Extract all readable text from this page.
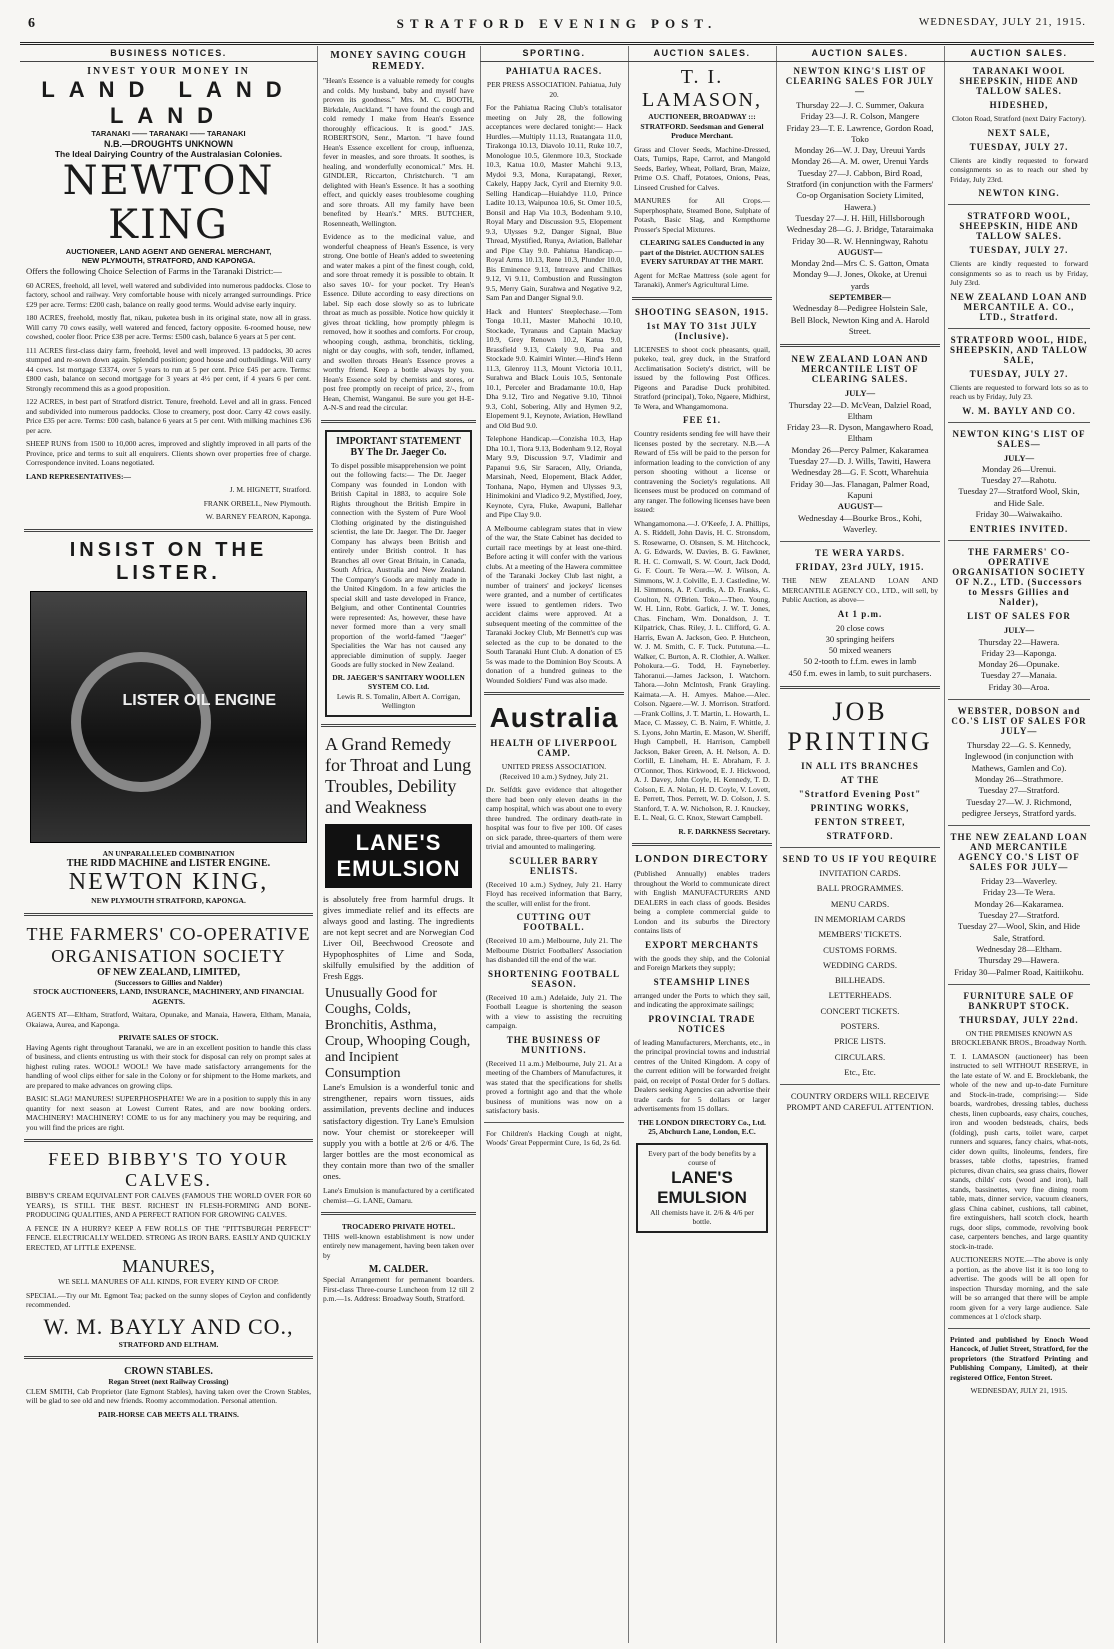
6	STRATFORD EVENING POST.	WEDNESDAY, JULY 21, 1915.
BUSINESS NOTICES.
INVEST YOUR MONEY IN
LAND LAND LAND
TARANAKI —— TARANAKI —— TARANAKI
N.B.—DROUGHTS UNKNOWN
The Ideal Dairying Country of the Australasian Colonies.
NEWTON KING
AUCTIONEER, LAND AGENT AND GENERAL MERCHANT,
NEW PLYMOUTH, STRATFORD, AND KAPONGA.

Offers the following Choice Selection of Farms in the Taranaki District:—

60 ACRES, freehold, all level, well watered and subdivided into numerous paddocks. Close to factory, school and railway. Very comfortable house with nicely arranged surroundings. Price £29 per acre. Terms: £200 cash, balance on really good terms. Would advise early inquiry.

180 ACRES, freehold, mostly flat, nikau, puketea bush in its original state, now all in grass. Will carry 70 cows easily, well watered and fenced, factory opposite. 6-roomed house, new cowshed, cooler floor. Price £38 per acre. Terms: £500 cash, balance 6 years at 5 per cent.

111 ACRES first-class dairy farm, freehold, level and well improved. 13 paddocks, 30 acres stumped and re-sown down again. Splendid position; good house and outbuildings. Will carry 44 cows. 1st mortgage £3374, over 5 years to run at 5 per cent. Price £45 per acre. Terms: £800 cash, balance on second mortgage for 3 years at 4½ per cent, if 4 years 6 per cent. Strongly recommend this as a good proposition.

122 ACRES, in best part of Stratford district. Tenure, freehold. Level and all in grass. Fenced and subdivided into numerous paddocks. Close to creamery, post door. Carry 42 cows easily. Price £35 per acre. Terms: £00 cash, balance 6 years at 5 per cent. With milking machines £36 per acre.

SHEEP RUNS from 1500 to 10,000 acres, improved and slightly improved in all parts of the Province, price and terms to suit all enquirers. Clients shown over properties free of charge. Correspondence invited. Loans negotiated.

LAND REPRESENTATIVES:—
J. M. HIGNETT, Stratford.
FRANK ORBELL, New Plymouth.
W. BARNEY FEARON, Kaponga.
INSIST ON THE LISTER.
LISTER OIL ENGINE
AN UNPARALLELED COMBINATION
THE RIDD MACHINE and LISTER ENGINE.
NEWTON KING,
NEW PLYMOUTH STRATFORD, KAPONGA.
THE FARMERS' CO-OPERATIVE ORGANISATION SOCIETY
OF NEW ZEALAND, LIMITED,
(Successors to Gillies and Nalder)

STOCK AUCTIONEERS, LAND, INSURANCE, MACHINERY, AND FINANCIAL AGENTS.

AGENTS AT—Eltham, Stratford, Waitara, Opunake, and Manaia, Hawera, Eltham, Manaia, Okaiawa, Aurea, and Kaponga.

PRIVATE SALES OF STOCK.

Having Agents right throughout Taranaki, we are in an excellent position to handle this class of business, and clients entrusting us with their stock for disposal can rely on prompt sales at highest ruling rates. WOOL! WOOL! We have made satisfactory arrangements for the handling of wool clips either for sale in the Colony or for shipment to the Home markets, and are prepared to make advances on growing clips.

BASIC SLAG! MANURES! SUPERPHOSPHATE! We are in a position to supply this in any quantity for next season at Lowest Current Rates, and are now booking orders. MACHINERY! MACHINERY! COME to us for any machinery you may be requiring, and you will find the prices are right.

FEED BIBBY'S TO YOUR CALVES.

BIBBY'S CREAM EQUIVALENT FOR CALVES (FAMOUS THE WORLD OVER FOR 60 YEARS), IS STILL THE BEST. RICHEST IN FLESH-FORMING AND BONE-PRODUCING QUALITIES, AND A PERFECT RATION FOR GROWING CALVES.

A FENCE IN A HURRY? KEEP A FEW ROLLS OF THE "PITTSBURGH PERFECT" FENCE. ELECTRICALLY WELDED. STRONG AS IRON BARS. EASILY AND QUICKLY ERECTED, AT LITTLE EXPENSE.

MANURES,

WE SELL MANURES OF ALL KINDS, FOR EVERY KIND OF CROP.

SPECIAL.—Try our Mt. Egmont Tea; packed on the sunny slopes of Ceylon and confidently recommended.

W. M. BAYLY AND CO.,
STRATFORD AND ELTHAM.
CROWN STABLES.
Regan Street (next Railway Crossing)

CLEM SMITH, Cab Proprietor (late Egmont Stables), having taken over the Crown Stables, will be glad to see old and new friends. Roomy accommodation. Personal attention.

PAIR-HORSE CAB MEETS ALL TRAINS.
MONEY SAVING COUGH REMEDY.

"Hean's Essence is a valuable remedy for coughs and colds. My husband, baby and myself have proven its goodness." Mrs. M. C. BOOTH, Birkdale, Auckland. "I have found the cough and cold remedy I make from Hean's Essence thoroughly efficacious. It is good." JAS. ROBERTSON, Senr., Marton. "I have found Hean's Essence excellent for croup, influenza, fever in measles, and sore throats. It soothes, is healing, and wonderfully economical." Mrs. H. GINDLER, Riccarton, Christchurch. "I am delighted with Hean's Essence. It has a soothing effect, and quickly eases troublesome coughing and sore throats. All my family have been benefited by Hean's." MRS. BUTCHER, Rosenneath, Wellington.

Evidence as to the medicinal value, and wonderful cheapness of Hean's Essence, is very strong. One bottle of Hean's added to sweetening and water makes a pint of the finest cough, cold, and sore throat remedy it is possible to obtain. It also saves 10/- for your pocket. Try Hean's Essence. Dilute according to easy directions on label. Sip each dose slowly so as to lubricate throat as much as possible. Notice how quickly it gives throat tickling, how promptly phlegm is removed, how it soothes and comforts. For croup, whooping cough, asthma, bronchitis, tickling, night or day coughs, with soft, tender, inflamed, and swollen throats Hean's Essence proves a worthy friend. Keep a bottle always by you. Hean's Essence sold by chemists and stores, or post free promptly on receipt of price, 2/-, from Hean, Chemist, Wanganui. Be sure you get H-E-A-N-S and read the circular.

IMPORTANT STATEMENT BY The Dr. Jaeger Co.

To dispel possible misapprehension we point out the following facts:— The Dr. Jaeger Company was founded in London with British Capital in 1883, to acquire Sole Rights throughout the British Empire in connection with the System of Pure Wool Clothing originated by the distinguished scientist, the late Dr. Jaeger. The Dr. Jaeger Company has always been British and entirely under British control. It has Branches all over Great Britain, in Canada, South Africa, Australia and New Zealand. The Company's Goods are mainly made in the United Kingdom. In a few articles the special skill and taste developed in France, Belgium, and other Continental Countries were represented: As, however, these have never formed more than a very small proportion of the world-famed "Jaeger" Specialities the War has not caused any appreciable diminution of supply. Jaeger Goods are fully stocked in New Zealand.

DR. JAEGER'S SANITARY WOOLLEN SYSTEM CO. Ltd.
Lewis R. S. Tomalin, Albert A. Corrigan, Wellington
A Grand Remedy for Throat and Lung Troubles, Debility and Weakness
LANE'S EMULSION

is absolutely free from harmful drugs. It gives immediate relief and its effects are always good and lasting. The ingredients are not kept secret and are Norwegian Cod Liver Oil, Beechwood Creosote and Hypophosphites of Lime and Soda, skilfully emulsified by the addition of Fresh Eggs.

Unusually Good for Coughs, Colds, Bronchitis, Asthma, Croup, Whooping Cough, and Incipient Consumption

Lane's Emulsion is a wonderful tonic and strengthener, repairs worn tissues, aids assimilation, prevents decline and induces satisfactory digestion. Try Lane's Emulsion now. Your chemist or storekeeper will supply you with a bottle at 2/6 or 4/6. The larger bottles are the most economical as they contain more than two of the smaller ones.

Lane's Emulsion is manufactured by a certificated chemist—G. LANE, Oamaru.

TROCADERO PRIVATE HOTEL.

THIS well-known establishment is now under entirely new management, having been taken over by

M. CALDER.

Special Arrangement for permanent boarders. First-class Three-course Luncheon from 12 till 2 p.m.—1s. Address: Broadway South, Stratford.

SPORTING.
PAHIATUA RACES.
PER PRESS ASSOCIATION. Pahiatua, July 20.

For the Pahiatua Racing Club's totalisator meeting on July 28, the following acceptances were declared tonight:— Hack Hurdles.—Multiply 11.13, Ruatangata 11.0, Tirakonga 10.13, Diavolo 10.11, Ruke 10.7, Monologue 10.5, Glenmore 10.3, Stockade 10.3, Katua 10.0, Master Mahchi 9.13, Mydoi 9.3, Mona, Kurapatangi, Rexer, Cakely, Happy Jack, Cyril and Eternity 9.0. Selling Handicap—Huiahdye 11.0, Prince Ladite 10.13, Waipunoa 10.6, St. Omer 10.5, Bonsil and Hap Via 10.3, Bodenham 9.10, Royal Mary and Discussion 9.5, Elopement 9.3, Ulysses 9.2, Danger Signal, Blue Thread, Mystified, Runya, Aviation, Ballehar and Pipe Clay 9.0. Pahiatua Handicap.—Royal Arms 10.13, Rene 10.3, Plunder 10.0, Bis Eminence 9.13, Intreave and Chilkes 9.12, Vi 9.11, Combustion and Russington 9.5, Merry Gain, Surahwa and Negative 9.2, Sam Pan and Danger Signal 9.0.

Hack and Hunters' Steeplechase.—Tom Tonga 10.11, Master Mahochi 10.10, Stockade, Tyranaus and Captain Mackay 10.9, Grey Renown 10.2, Katua 9.0, Brassfield 9.13, Cakely 9.0, Pea and Stockade 9.0. Kaimiri Winter.—Hind's Henn 11.3, Glenroy 11.3, Mount Victoria 10.11, Surahwa and Black Louis 10.5, Sentonale 10.1, Perceler and Bradamante 10.0, Hap Dha 9.12, Tiro and Negative 9.10, Tihnoi 9.3, Cohl, Sobering, Ally and Hymen 9.2, Elopement 9.1, Keynote, Aviation, Hewlland and Old Bud 9.0.

Telephone Handicap.—Conzisha 10.3, Hap Dha 10.1, Tiora 9.13, Bodenham 9.12, Royal Mary 9.9, Discussion 9.7, Vladimir and Papanui 9.6, Sir Saracen, Ally, Orianda, Marsinah, Need, Elopement, Black Adder, Tonhana, Napo, Hymen and Ulysses 9.3, Hinimokini and Vladico 9.2, Mystified, Joey, Keynote, Cyra, Fluke, Awapuni, Ballehar and Pipe Clay 9.0.

A Melbourne cablegram states that in view of the war, the State Cabinet has decided to curtail race meetings by at least one-third. Before acting it will confer with the various clubs. At a meeting of the Hawera committee of the Taranaki Jockey Club last night, a number of trainers' and jockeys' licenses were granted, and a number of certificates were issued to gentlemen riders. Two accident claims were approved. At a subsequent meeting of the committee of the Taranaki Jockey Club, Mr Bennett's cup was selected as the cup to be donated to the South Taranaki Hunt Club. A donation of £5 5s was made to the Dominion Boy Scouts. A donation of a hundred guineas to the Wounded Soldiers' Fund was also made.

Australia
HEALTH OF LIVERPOOL CAMP.
UNITED PRESS ASSOCIATION. (Received 10 a.m.) Sydney, July 21.

Dr. Selfdtk gave evidence that altogether there had been only eleven deaths in the camp hospital, which was about one to every three hundred. The ordinary death-rate in hospital was four to five per 100. Of cases on sick parade, three-quarters of them were trivial and amounted to malingering.

SCULLER BARRY ENLISTS.

(Received 10 a.m.) Sydney, July 21. Harry Floyd has received information that Barry, the sculler, will enlist for the front.

CUTTING OUT FOOTBALL.

(Received 10 a.m.) Melbourne, July 21. The Melbourne District Footballers' Association has disbanded till the end of the war.

SHORTENING FOOTBALL SEASON.

(Received 10 a.m.) Adelaide, July 21. The Football League is shortening the season with a view to assisting the recruiting campaign.

THE BUSINESS OF MUNITIONS.

(Received 11 a.m.) Melbourne, July 21. At a meeting of the Chambers of Manufactures, it was stated that the specifications for shells proved a fortnight ago and that the whole business of munitions was now on a satisfactory basis.

For Children's Hacking Cough at night, Woods' Great Peppermint Cure, 1s 6d, 2s 6d.

AUCTION SALES.
T. I. LAMASON,

AUCTIONEER, BROADWAY ::: STRATFORD. Seedsman and General Produce Merchant.

Grass and Clover Seeds, Machine-Dressed, Oats, Turnips, Rape, Carrot, and Mangold Seeds, Barley, Wheat, Pollard, Bran, Maize, Prime O.S. Chaff, Potatoes, Onions, Peas, Linseed Crushed for Calves.

MANURES for All Crops.—Superphosphate, Steamed Bone, Sulphate of Potash, Basic Slag, and Kempthorne Prosser's Special Mixtures.

CLEARING SALES Conducted in any part of the District. AUCTION SALES EVERY SATURDAY AT THE MART.

Agent for McRae Mattress (sole agent for Taranaki), Anmer's Agricultural Lime.

SHOOTING SEASON, 1915.
1st MAY TO 31st JULY (Inclusive).

LICENSES to shoot cock pheasants, quail, pukeko, teal, grey duck, in the Stratford Acclimatisation Society's district, will be issued by the following Post Offices. Pigeons and Paradise Duck prohibited. Stratford (principal), Toko, Ngaere, Midhirst, Te Wera, and Whangamomona.

FEE £1.

Country residents sending fee will have their licenses posted by the secretary. N.B.—A Reward of £5s will be paid to the person for information leading to the conviction of any person shooting without a license or contravening the Society's regulations. All licensees must be produced on command of any ranger. The following licenses have been issued:

Whangamomona.—J. O'Keefe, J. A. Phillips, A. S. Riddell, John Davis, H. C. Stronsdom, S. Rosewarne, O. Olsnsen, S. M. Hitchcock, A. G. Edwards, W. Davies, B. G. Fawkner, R. H. C. Cornwall, S. W. Court, Jack Dodd, G. F. Court. Te Wera.—W. J. Wilson, A. Simmons, W. J. Colville, E. J. Castledine, W. H. Simmons, A. P. Curdis, A. D. Franks, C. Coulton, N. O'Brien. Toko.—Theo. Young, W. H. Linn, Robt. Garlick, J. W. T. Jones, Chas. Fincham, Wm. Donaldson, J. T. Kilpatrick, Chas. Riley, J. L. Clifford, G. A. Harris, Ewan A. Jackson, Geo. P. Hutcheon, W. J. M. Smith, C. F. Tuck. Pututuna.—L. Walker, C. Burton, A. R. Clothier, A. Walker. Pohokura.—G. Todd, H. Fayneberley. Tahoranui.—James Jackson, I. Watchorn. Tahora.—John McIntosh, Frank Grayling. Kaimata.—A. H. Amyes. Mahoe.—Alec. Colson. Ngaere.—W. J. Morrison. Stratford.—Frank Collins, J. T. Martin, L. Howarth, L. Mace, C. Massey, C. B. Nairn, F. Whittle, J. S. Lyons, John Martin, E. Mason, W. Sheriff, Hugh Campbell, H. Harrison, Campbell Jackson, Baker Green, A. H. Nelson, A. D. Corlill, E. Lineham, H. E. Abraham, F. J. O'Connor, Thos. Kirkwood, E. J. Hickwood, A. J. Davey, John Coyle, H. Kennedy, T. D. Colson, E. A. Nolan, H. D. Coyle, V. Lovett, E. Perrett, Thos. Perrett, W. D. Colson, J. S. Stanford, T. A. W. Nicholson, R. J. Knuckey, E. L. Neal, G. C. Knox, Stewart Campbell.

R. F. DARKNESS Secretary.
LONDON DIRECTORY

(Published Annually) enables traders throughout the World to communicate direct with English MANUFACTURERS AND DEALERS in each class of goods. Besides being a complete commercial guide to London and its suburbs the Directory contains lists of

EXPORT MERCHANTS

with the goods they ship, and the Colonial and Foreign Markets they supply;

STEAMSHIP LINES

arranged under the Ports to which they sail, and indicating the approximate sailings;

PROVINCIAL TRADE NOTICES

of leading Manufacturers, Merchants, etc., in the principal provincial towns and industrial centres of the United Kingdom. A copy of the current edition will be forwarded freight paid, on receipt of Postal Order for 5 dollars. Dealers seeking Agencies can advertise their trade cards for 5 dollars or larger advertisements from 15 dollars.

THE LONDON DIRECTORY Co., Ltd.
25, Abchurch Lane, London, E.C.
Every part of the body benefits by a course of
LANE'S EMULSION
All chemists have it. 2/6 & 4/6 per bottle.
AUCTION SALES.
NEWTON KING'S LIST OF CLEARING SALES FOR JULY—
Thursday 22—J. C. Summer, Oakura
Friday 23—J. R. Colson, Mangere
Friday 23—T. E. Lawrence, Gordon Road, Toko
Monday 26—W. J. Day, Ureuui Yards
Monday 26—A. M. ower, Urenui Yards
Tuesday 27—J. Cabbon, Bird Road, Stratford (in conjunction with the Farmers' Co-op Organisation Society Limited, Hawera.)
Tuesday 27—J. H. Hill, Hillsborough
Wednesday 28—G. J. Bridge, Tataraimaka
Friday 30—R. W. Henningway, Rahotu
AUGUST—
Monday 2nd—Mrs C. S. Gatton, Omata
Monday 9—J. Jones, Okoke, at Urenui yards
SEPTEMBER—
Wednesday 8—Pedigree Holstein Sale, Bell Block, Newton King and A. Harold Street.
NEW ZEALAND LOAN AND MERCANTILE LIST OF CLEARING SALES.
JULY—
Thursday 22—D. McVean, Dalziel Road, Eltham
Friday 23—R. Dyson, Mangawhero Road, Eltham
Monday 26—Percy Palmer, Kakaramea
Tuesday 27—D. J. Wills, Tawiti, Hawera
Wednesday 28—G. F. Scott, Wharehuia
Friday 30—Jas. Flanagan, Palmer Road, Kapuni
AUGUST—
Wednesday 4—Bourke Bros., Kohi, Waverley.
TE WERA YARDS.
FRIDAY, 23rd JULY, 1915.

THE NEW ZEALAND LOAN AND MERCANTILE AGENCY CO., LTD., will sell, by Public Auction, as above—

At 1 p.m.
20 close cows
30 springing heifers
50 mixed weaners
50 2-tooth to f.f.m. ewes in lamb
450 f.m. ewes in lamb, to suit purchasers.
JOB
PRINTING
IN ALL ITS BRANCHES
AT THE
"Stratford Evening Post"
PRINTING WORKS,
FENTON STREET,
STRATFORD.
SEND TO US IF YOU REQUIRE
INVITATION CARDS.
BALL PROGRAMMES.
MENU CARDS.
IN MEMORIAM CARDS
MEMBERS' TICKETS.
CUSTOMS FORMS.
WEDDING CARDS.
BILLHEADS.
LETTERHEADS.
CONCERT TICKETS.
POSTERS.
PRICE LISTS.
CIRCULARS.
Etc., Etc.

COUNTRY ORDERS WILL RECEIVE PROMPT AND CAREFUL ATTENTION.

AUCTION SALES.
TARANAKI WOOL SHEEPSKIN, HIDE AND TALLOW SALES.
HIDESHED,
Cloton Road, Stratford (next Dairy Factory).
NEXT SALE,
TUESDAY, JULY 27.

Clients are kindly requested to forward consignments so as to reach our shed by Friday, July 23rd.

NEWTON KING.
STRATFORD WOOL, SHEEPSKIN, HIDE AND TALLOW SALES.
TUESDAY, JULY 27.

Clients are kindly requested to forward consignments so as to reach us by Friday, July 23rd.

NEW ZEALAND LOAN AND MERCANTILE A. CO., LTD., Stratford.
STRATFORD WOOL, HIDE, SHEEPSKIN, AND TALLOW SALE,
TUESDAY, JULY 27.

Clients are requested to forward lots so as to reach us by Friday, July 23.

W. M. BAYLY AND CO.
NEWTON KING'S LIST OF SALES—
JULY—
Monday 26—Urenui.
Tuesday 27—Rahotu.
Tuesday 27—Stratford Wool, Skin, and Hide Sale.
Friday 30—Waiwakaiho.
ENTRIES INVITED.
THE FARMERS' CO-OPERATIVE ORGANISATION SOCIETY OF N.Z., LTD. (Successors to Messrs Gillies and Nalder),
LIST OF SALES FOR
JULY—
Thursday 22—Hawera.
Friday 23—Kaponga.
Monday 26—Opunake.
Tuesday 27—Manaia.
Friday 30—Aroa.
WEBSTER, DOBSON and CO.'S LIST OF SALES FOR JULY—
Thursday 22—G. S. Kennedy, Inglewood (in conjunction with Mathews, Gamlen and Co).
Monday 26—Strathmore.
Tuesday 27—Stratford.
Tuesday 27—W. J. Richmond, pedigree Jerseys, Stratford yards.
THE NEW ZEALAND LOAN AND MERCANTILE AGENCY CO.'S LIST OF SALES FOR JULY—
Friday 23—Waverley.
Friday 23—Te Wera.
Monday 26—Kakaramea.
Tuesday 27—Stratford.
Tuesday 27—Wool, Skin, and Hide Sale, Stratford.
Wednesday 28—Eltham.
Thursday 29—Hawera.
Friday 30—Palmer Road, Kaitiikohu.
FURNITURE SALE OF BANKRUPT STOCK.
THURSDAY, JULY 22nd.
ON THE PREMISES KNOWN AS BROCKLEBANK BROS., Broadway North.

T. I. LAMASON (auctioneer) has been instructed to sell WITHOUT RESERVE, in the late estate of W. and E. Brocklebank, the whole of the new and up-to-date Furniture and Stock-in-trade, comprising:— Side boards, wardrobes, dressing tables, duchess chests, linen cupboards, easy chairs, couches, iron and wooden bedsteads, chairs, beds (folding), push carts, toilet ware, carpet runners and squares, fancy chairs, what-nots, cider down quilts, linoleums, fenders, fire brasses, table cloths, tapestries, framed pictures, divan chairs, sea grass chairs, flower stands, childs' cots (wood and iron), hall stands, bassinettes, very fine dining room table, mats, dinner service, vacuum cleaners, glass China cabinet, cushions, tall cabinet, fire extinguishers, hall scotch clock, hearth rugs, door slips, commode, revolving book case, carpenters benches, and large quantity stock-in-trade.

AUCTIONEERS NOTE.—The above is only a portion, as the above list it is too long to advertise. The goods will be all open for inspection Thursday morning, and the sale will be so arranged that there will be ample room given for a very large audience. Sale commences at 1 o'clock sharp.

Printed and published by Enoch Wood Hancock, of Juliet Street, Stratford, for the proprietors (the Stratford Printing and Publishing Company, Limited), at their registered Office, Fenton Street.

WEDNESDAY, JULY 21, 1915.
